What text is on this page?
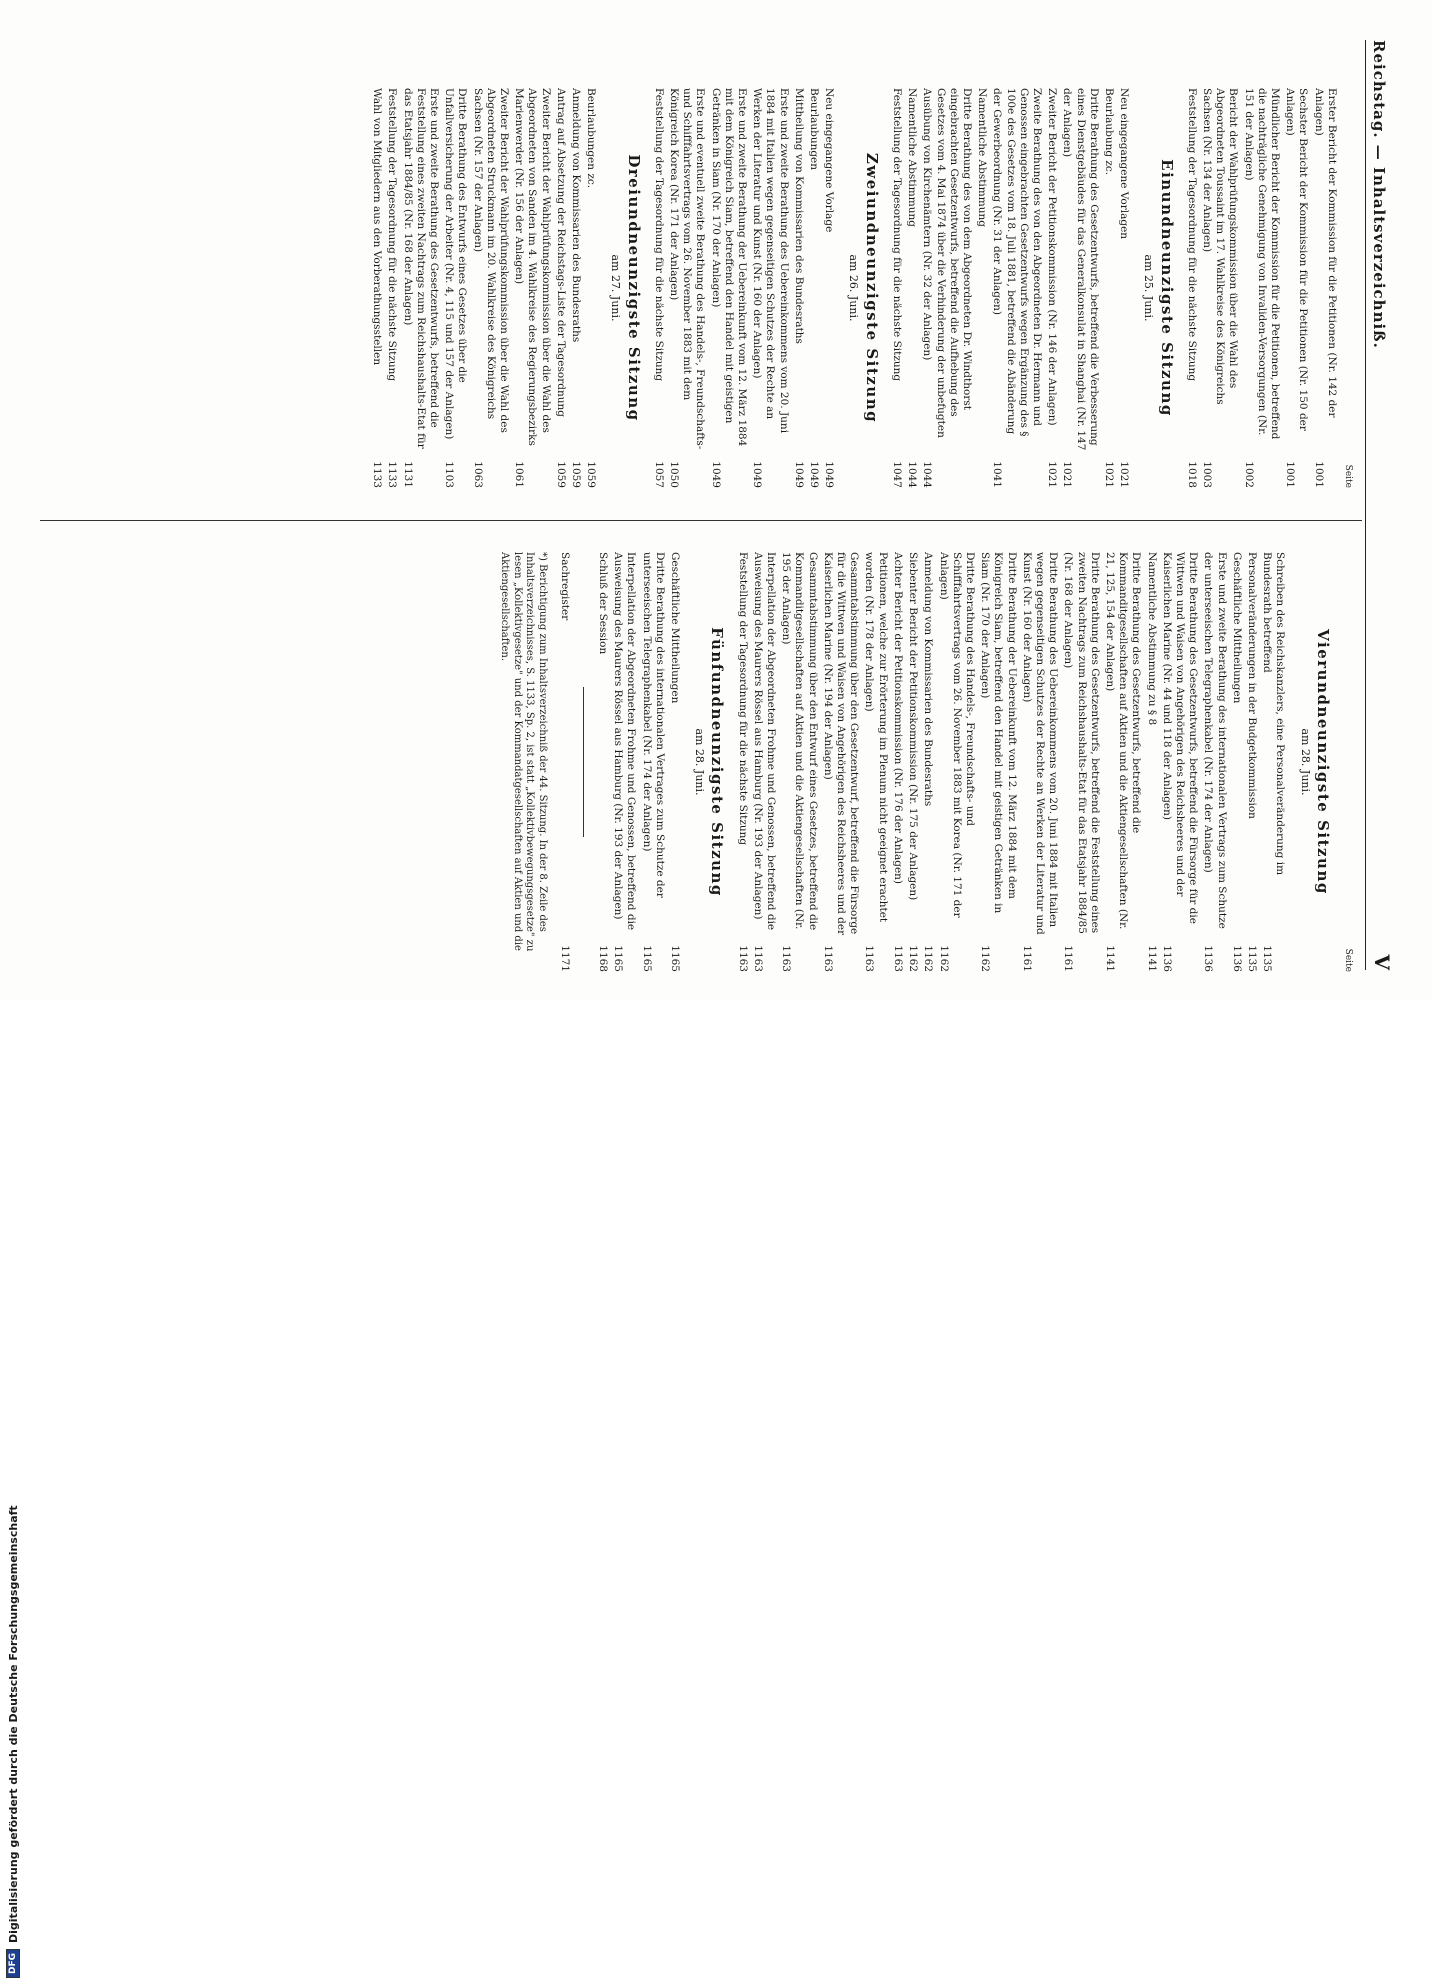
Reichstag. — Inhaltsverzeichniß.
V
Seite
Erster Bericht der Kommission für die Petitionen (Nr. 142 der Anlagen)
1001
Sechster Bericht der Kommission für die Petitionen (Nr. 150 der Anlagen)
1001
Mündlicher Bericht der Kommission für die Petitionen, betreffend die nachträgliche Genehmigung von Invaliden-Versorgungen (Nr. 151 der Anlagen)
1002
Bericht der Wahlprüfungskommission über die Wahl des Abgeordneten Toussaint im 17. Wahlkreise des Königreichs Sachsen (Nr. 134 der Anlagen)
1003
Feststellung der Tagesordnung für die nächste Sitzung
1018
Einundneunzigste Sitzung
am 25. Juni.
Neu eingegangene Vorlagen
1021
Beurlaubung zc.
1021
Dritte Berathung des Gesetzentwurfs, betreffend die Verbesserung eines Dienstgebäudes für das Generalkonsulat in Shanghai (Nr. 147 der Anlagen)
1021
Zweiter Bericht der Petitionskommission (Nr. 146 der Anlagen)
1021
Zweite Berathung des von den Abgeordneten Dr. Hermann und Genossen eingebrachten Gesetzentwurfs wegen Ergänzung des § 100e des Gesetzes vom 18. Juli 1881, betreffend die Abänderung der Gewerbeordnung (Nr. 31 der Anlagen)
1041
Namentliche Abstimmung
Dritte Berathung des von dem Abgeordneten Dr. Windthorst eingebrachten Gesetzentwurfs, betreffend die Aufhebung des Gesetzes vom 4. Mai 1874 über die Verhinderung der unbefugten Ausübung von Kirchenämtern (Nr. 32 der Anlagen)
1044
Namentliche Abstimmung
1044
Feststellung der Tagesordnung für die nächste Sitzung
1047
Zweiundneunzigste Sitzung
am 26. Juni.
Neu eingegangene Vorlage
1049
Beurlaubungen
1049
Mittheilung von Kommissarien des Bundesraths
1049
Erste und zweite Berathung des Uebereinkommens vom 20. Juni 1884 mit Italien wegen gegenseitigen Schutzes der Rechte an Werken der Literatur und Kunst (Nr. 160 der Anlagen)
1049
Erste und zweite Berathung der Uebereinkunft vom 12. März 1884 mit dem Königreich Siam, betreffend den Handel mit geistigen Getränken in Siam (Nr. 170 der Anlagen)
1049
Erste und eventuell zweite Berathung des Handels-, Freundschafts- und Schifffahrtsvertrags vom 26. November 1883 mit dem Königreich Korea (Nr. 171 der Anlagen)
1050
Feststellung der Tagesordnung für die nächste Sitzung
1057
Dreiundneunzigste Sitzung
am 27. Juni.
Beurlaubungen zc.
1059
Anmeldung von Kommissarien des Bundesraths
1059
Antrag auf Absetzung der Reichstags-Liste der Tagesordnung
1059
Zweiter Bericht der Wahlprüfungskommission über die Wahl des Abgeordneten von Sanden im 4. Wahlkreise des Regierungsbezirks Marienwerder (Nr. 156 der Anlagen)
1061
Zweiter Bericht der Wahlprüfungskommission über die Wahl des Abgeordneten Struckmann im 20. Wahlkreise des Königreichs Sachsen (Nr. 157 der Anlagen)
1063
Dritte Berathung des Entwurfs eines Gesetzes über die Unfallversicherung der Arbeiter (Nr. 4, 115 und 157 der Anlagen)
1103
Erste und zweite Berathung des Gesetzentwurfs, betreffend die Feststellung eines zweiten Nachtrags zum Reichshaushalts-Etat für das Etatsjahr 1884/85 (Nr. 168 der Anlagen)
1131
Feststellung der Tagesordnung für die nächste Sitzung
1133
Wahl von Mitgliedern aus den Vorberathungsstellen
1133
Seite
Vierundneunzigste Sitzung
am 28. Juni.
Schreiben des Reichskanzlers, eine Personalveränderung im Bundesrath betreffend
1135
Personalveränderungen in der Budgetkommission
1135
Geschäftliche Mittheilungen
1136
Erste und zweite Berathung des internationalen Vertrags zum Schutze der unterseeischen Telegraphenkabel (Nr. 174 der Anlagen)
1136
Dritte Berathung des Gesetzentwurfs, betreffend die Fürsorge für die Wittwen und Waisen von Angehörigen des Reichsheeres und der Kaiserlichen Marine (Nr. 44 und 118 der Anlagen)
1136
Namentliche Abstimmung zu § 8
1141
Dritte Berathung des Gesetzentwurfs, betreffend die Kommanditgesellschaften auf Aktien und die Aktiengesellschaften (Nr. 21, 125, 154 der Anlagen)
1141
Dritte Berathung des Gesetzentwurfs, betreffend die Feststellung eines zweiten Nachtrags zum Reichshaushalts-Etat für das Etatsjahr 1884/85 (Nr. 168 der Anlagen)
1161
Dritte Berathung des Uebereinkommens vom 20. Juni 1884 mit Italien wegen gegenseitigen Schutzes der Rechte an Werken der Literatur und Kunst (Nr. 160 der Anlagen)
1161
Dritte Berathung der Uebereinkunft vom 12. März 1884 mit dem Königreich Siam, betreffend den Handel mit geistigen Getränken in Siam (Nr. 170 der Anlagen)
1162
Dritte Berathung des Handels-, Freundschafts- und Schifffahrtsvertrags vom 26. November 1883 mit Korea (Nr. 171 der Anlagen)
1162
Anmeldung von Kommissarien des Bundesraths
1162
Siebenter Bericht der Petitionskommission (Nr. 175 der Anlagen)
1162
Achter Bericht der Petitionskommission (Nr. 176 der Anlagen)
1163
Petitionen, welche zur Erörterung im Plenum nicht geeignet erachtet worden (Nr. 178 der Anlagen)
1163
Gesammtabstimmung über den Gesetzentwurf, betreffend die Fürsorge für die Wittwen und Waisen von Angehörigen des Reichsheeres und der Kaiserlichen Marine (Nr. 194 der Anlagen)
1163
Gesammtabstimmung über den Entwurf eines Gesetzes, betreffend die Kommanditgesellschaften auf Aktien und die Aktiengesellschaften (Nr. 195 der Anlagen)
1163
Interpellation der Abgeordneten Frohme und Genossen, betreffend die Ausweisung des Maurers Rössel aus Hamburg (Nr. 193 der Anlagen)
1163
Feststellung der Tagesordnung für die nächste Sitzung
1163
Fünfundneunzigste Sitzung
am 28. Juni.
Geschäftliche Mittheilungen
1165
Dritte Berathung des internationalen Vertrages zum Schutze der unterseeischen Telegraphenkabel (Nr. 174 der Anlagen)
1165
Interpellation der Abgeordneten Frohme und Genossen, betreffend die Ausweisung des Maurers Rössel aus Hamburg (Nr. 193 der Anlagen)
1165
Schluß der Session
1168
Sachregister
1171
*) Berichtigung zum Inhaltsverzeichniß der 44. Sitzung. In der 8. Zeile des Inhaltsverzeichnisses, S. 1133, Sp. 2, ist statt „Kollektivbewegungsgesetze" zu lesen „Kollektivgesetze" und der Kommandatgesellschaften auf Aktien und die Aktiengesellschaften.
DFG
Digitalisierung gefördert durch die Deutsche Forschungsgemeinschaft
